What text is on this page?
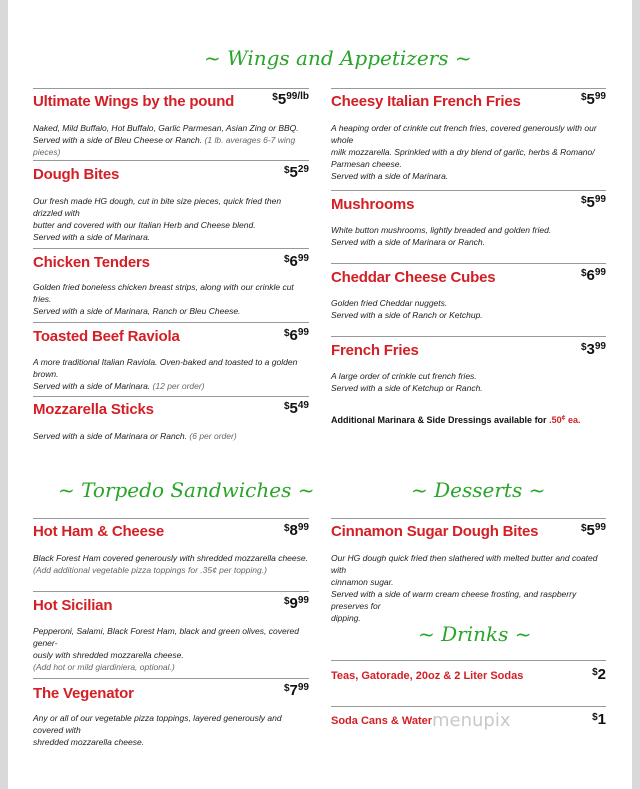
~ Wings and Appetizers ~
Ultimate Wings by the pound	$^{\$}5^{99/lb}$
Naked, Mild Buffalo, Hot Buffalo, Garlic Parmesan, Asian Zing or BBQ.
Served with a side of Bleu Cheese or Ranch. (1 lb. averages 6-7 wing pieces)
Dough Bites	$^{\$}5^{29}$
Our fresh made HG dough, cut in bite size pieces, quick fried then drizzled with
butter and covered with our Italian Herb and Cheese blend.
Served with a side of Marinara.
Chicken Tenders	$^{\$}6^{99}$
Golden fried boneless chicken breast strips, along with our crinkle cut fries.
Served with a side of Marinara, Ranch or Bleu Cheese.
Toasted Beef Raviola	$^{\$}6^{99}$
A more traditional Italian Raviola. Oven-baked and toasted to a golden brown.
Served with a side of Marinara. (12 per order)
Mozzarella Sticks	$^{\$}5^{49}$
Served with a side of Marinara or Ranch. (6 per order)
Cheesy Italian French Fries	$^{\$}5^{99}$
A heaping order of crinkle cut french fries, covered generously with our whole
milk mozzarella. Sprinkled with a dry blend of garlic, herbs & Romano/
Parmesan cheese.
Served with a side of Marinara.
Mushrooms	$^{\$}5^{99}$
White button mushrooms, lightly breaded and golden fried.
Served with a side of Marinara or Ranch.
Cheddar Cheese Cubes	$^{\$}6^{99}$
Golden fried Cheddar nuggets.
Served with a side of Ranch or Ketchup.
French Fries	$^{\$}3^{99}$
A large order of crinkle cut french fries.
Served with a side of Ketchup or Ranch.
Additional Marinara & Side Dressings available for .50¢ ea.
~ Torpedo Sandwiches ~
Hot Ham & Cheese	$^{\$}8^{99}$
Black Forest Ham covered generously with shredded mozzarella cheese.
(Add additional vegetable pizza toppings for .35¢ per topping.)
Hot Sicilian	$^{\$}9^{99}$
Pepperoni, Salami, Black Forest Ham, black and green olives, covered gener-
ously with shredded mozzarella cheese.
(Add hot or mild giardiniera, optional.)
The Vegenator	$^{\$}7^{99}$
Any or all of our vegetable pizza toppings, layered generously and covered with
shredded mozzarella cheese.
~ Desserts ~
Cinnamon Sugar Dough Bites	$^{\$}5^{99}$
Our HG dough quick fried then slathered with melted butter and coated with
cinnamon sugar.
Served with a side of warm cream cheese frosting, and raspberry preserves for
dipping.
~ Drinks ~
Teas, Gatorade, 20oz & 2 Liter Sodas	$2
Soda Cans & Water	$1
menupix
